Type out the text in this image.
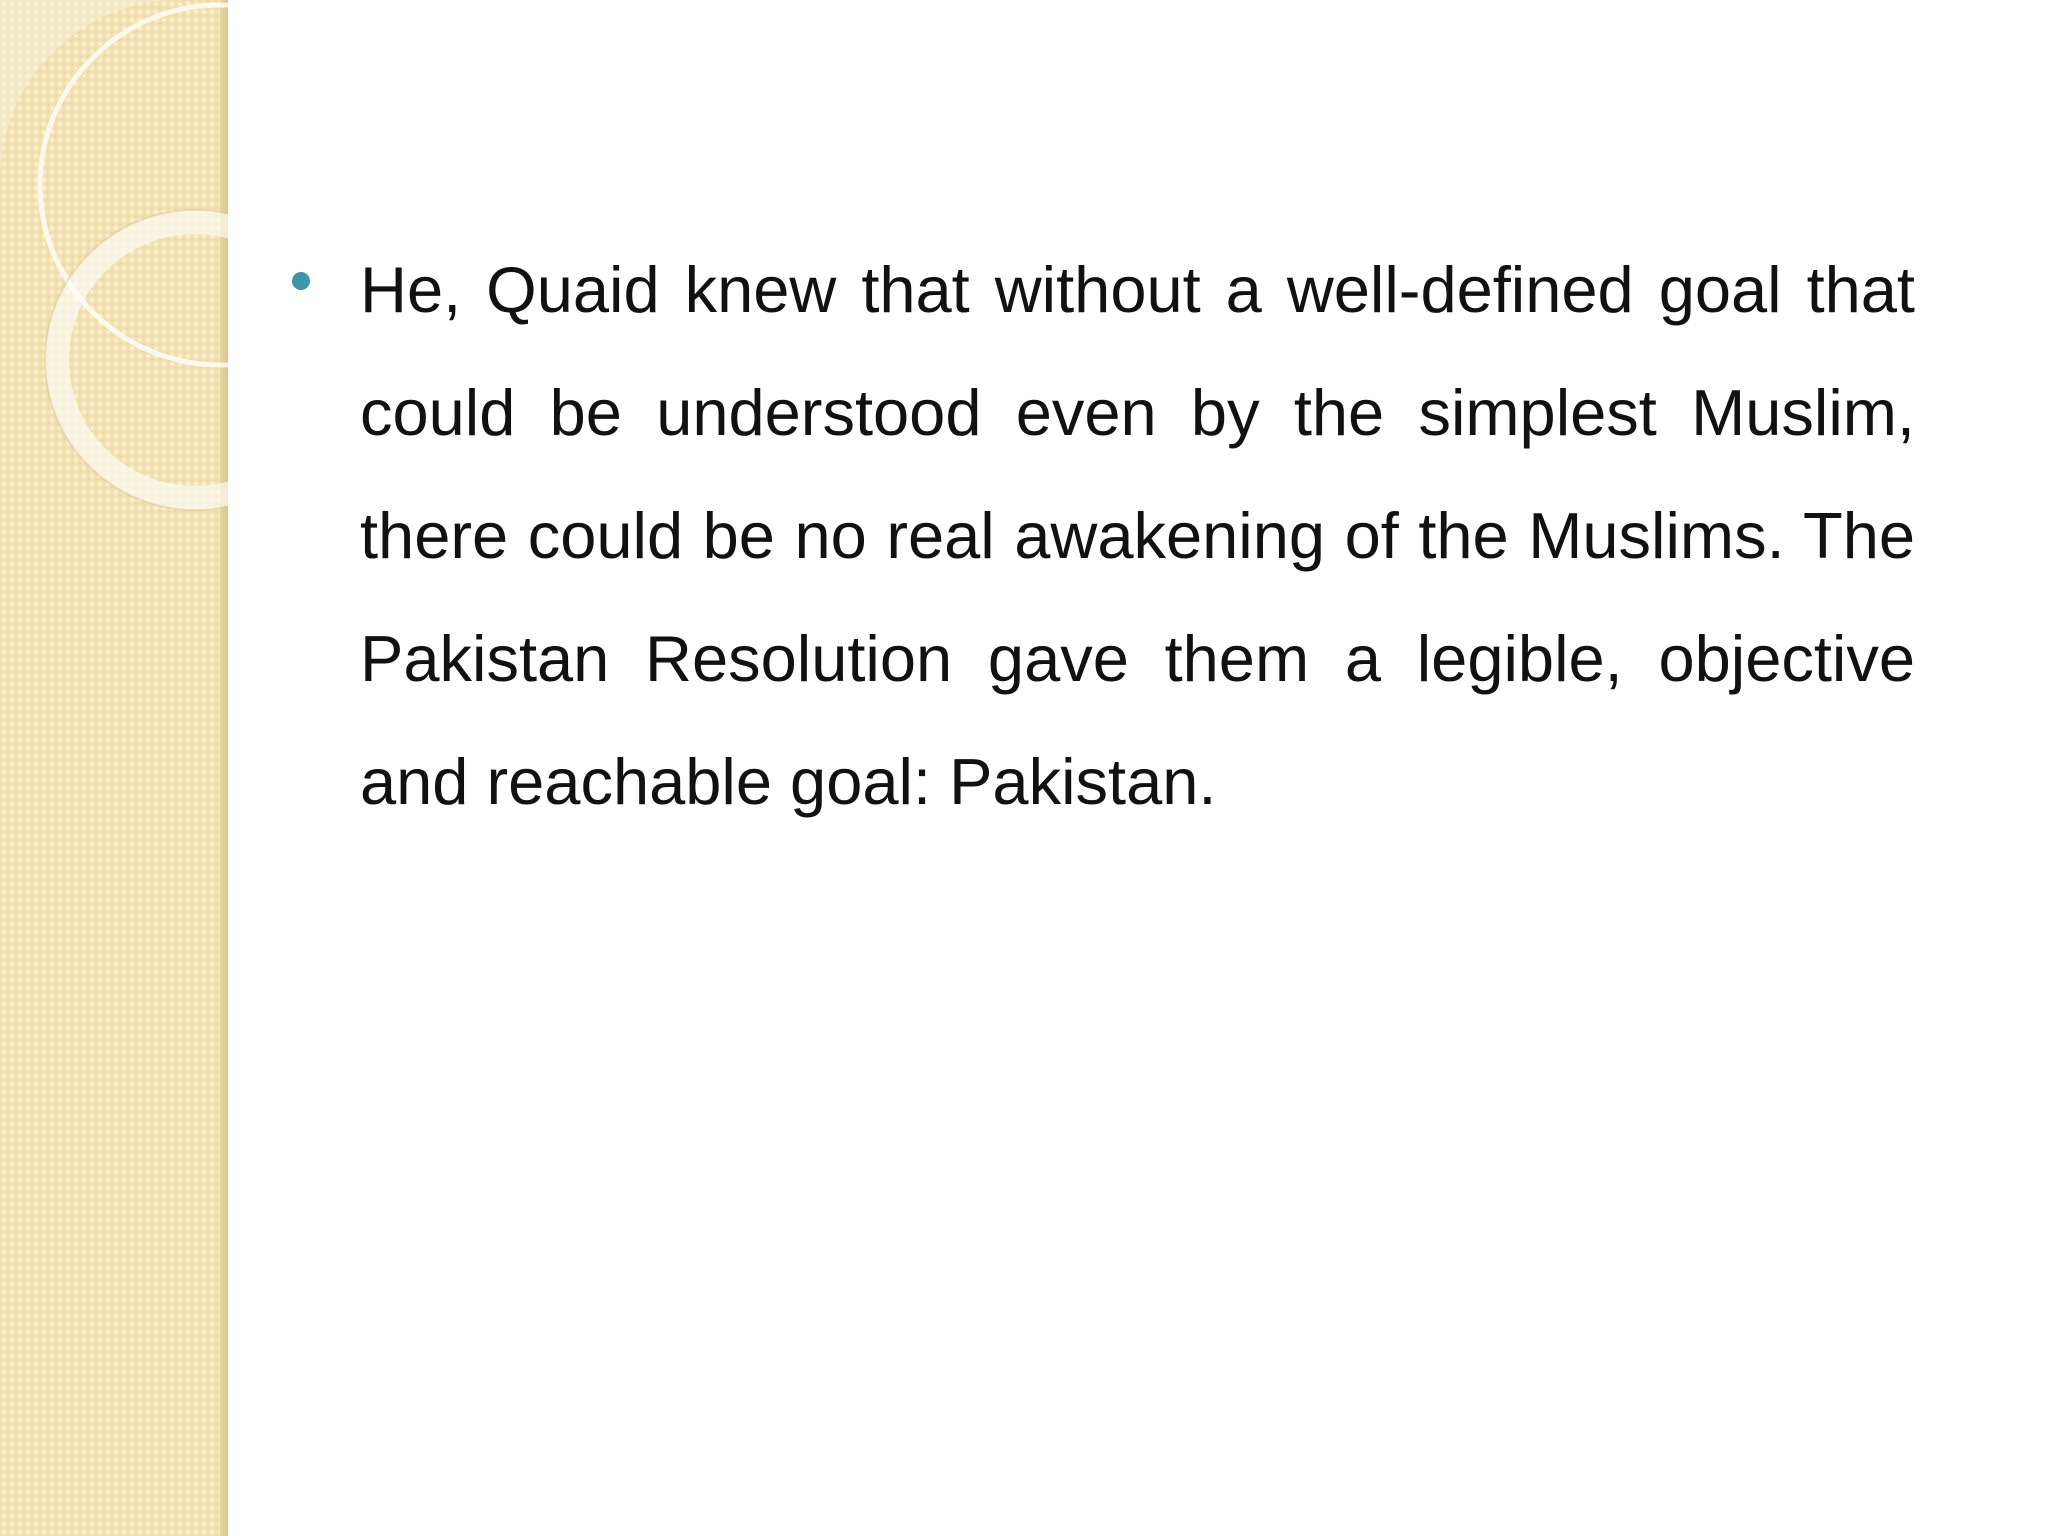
He, Quaid knew that without a well-defined goal that could be understood even by the simplest Muslim, there could be no real awakening of the Muslims. The Pakistan Resolution gave them a legible, objective and reachable goal: Pakistan.
